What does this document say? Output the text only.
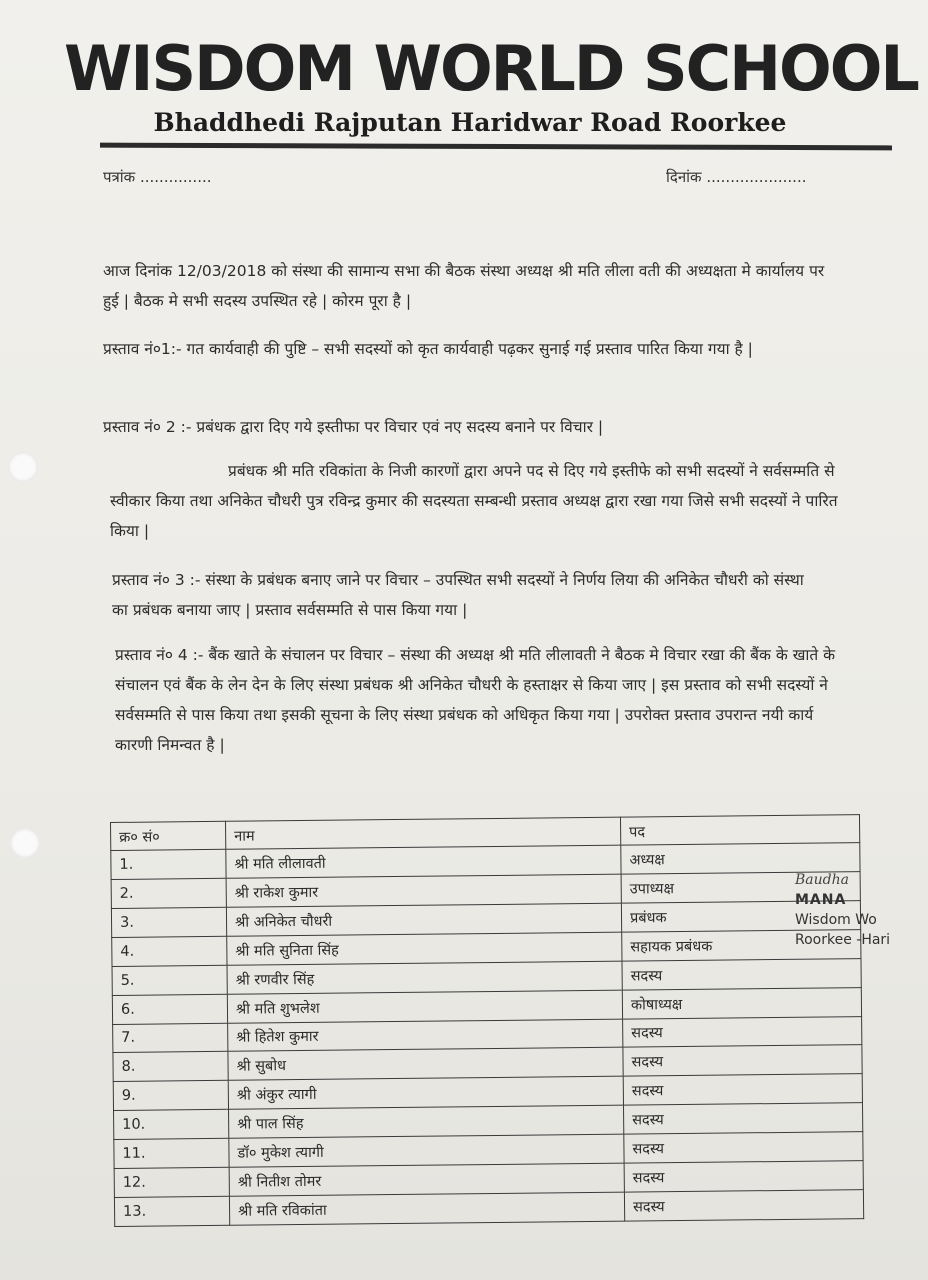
WISDOM WORLD SCHOOL
Bhaddhedi Rajputan Haridwar Road Roorkee
पत्रांक ...............	दिनांक .....................
आज दिनांक 12/03/2018 को संस्था की सामान्य सभा की बैठक संस्था अध्यक्ष श्री मति लीला वती की अध्यक्षता मे कार्यालय पर हुई | बैठक मे सभी सदस्य उपस्थित रहे | कोरम पूरा है |
प्रस्ताव नं०1:- गत कार्यवाही की पुष्टि – सभी सदस्यों को कृत कार्यवाही पढ़कर सुनाई गई प्रस्ताव पारित किया गया है |
प्रस्ताव नं० 2 :- प्रबंधक द्वारा दिए गये इस्तीफा पर विचार एवं नए सदस्य बनाने पर विचार |
प्रबंधक श्री मति रविकांता के निजी कारणों द्वारा अपने पद से दिए गये इस्तीफे को सभी सदस्यों ने सर्वसम्मति से स्वीकार किया तथा अनिकेत चौधरी पुत्र रविन्द्र कुमार की सदस्यता सम्बन्धी प्रस्ताव अध्यक्ष द्वारा रखा गया जिसे सभी सदस्यों ने पारित किया |
प्रस्ताव नं० 3 :- संस्था के प्रबंधक बनाए जाने पर विचार – उपस्थित सभी सदस्यों ने निर्णय लिया की अनिकेत चौधरी को संस्था का प्रबंधक बनाया जाए | प्रस्ताव सर्वसम्मति से पास किया गया |
प्रस्ताव नं० 4 :- बैंक खाते के संचालन पर विचार – संस्था की अध्यक्ष श्री मति लीलावती ने बैठक मे विचार रखा की बैंक के खाते के संचालन एवं बैंक के लेन देन के लिए संस्था प्रबंधक श्री अनिकेत चौधरी के हस्ताक्षर से किया जाए | इस प्रस्ताव को सभी सदस्यों ने सर्वसम्मति से पास किया तथा इसकी सूचना के लिए संस्था प्रबंधक को अधिकृत किया गया | उपरोक्त प्रस्ताव उपरान्त नयी कार्य कारणी निमन्वत है |
क्र० सं०	नाम	पद
1.	श्री मति लीलावती	अध्यक्ष
2.	श्री राकेश कुमार	उपाध्यक्ष
3.	श्री अनिकेत चौधरी	प्रबंधक
4.	श्री मति सुनिता सिंह	सहायक प्रबंधक
5.	श्री रणवीर सिंह	सदस्य
6.	श्री मति शुभलेश	कोषाध्यक्ष
7.	श्री हितेश कुमार	सदस्य
8.	श्री सुबोध	सदस्य
9.	श्री अंकुर त्यागी	सदस्य
10.	श्री पाल सिंह	सदस्य
11.	डॉ० मुकेश त्यागी	सदस्य
12.	श्री नितीश तोमर	सदस्य
13.	श्री मति रविकांता	सदस्य
Baudha
MANA
Wisdom Wo
Roorkee -Hari
